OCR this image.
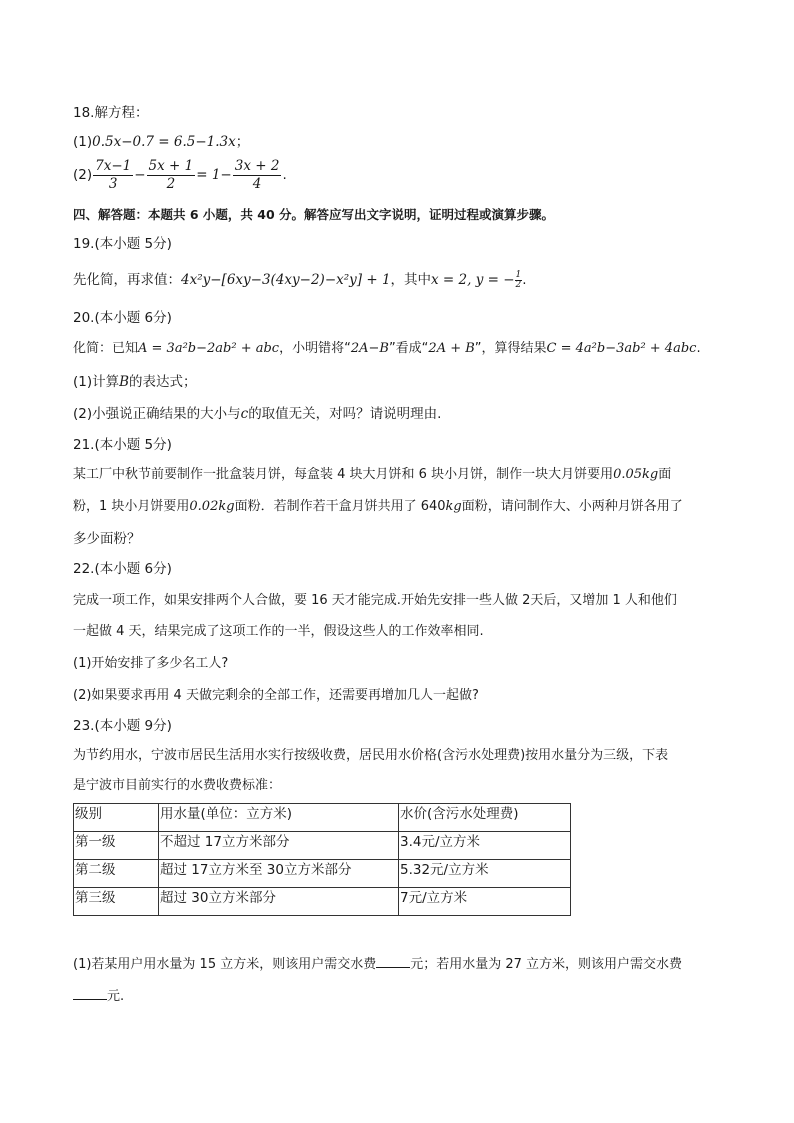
18.解方程：
(1)0.5x−0.7 = 6.5−1.3x；
$(2) \frac{7x-1}{3} - \frac{5x + 1}{2} = 1- \frac{3x + 2}{4}$ .
四、解答题：本题共 6 小题，共 40 分。解答应写出文字说明，证明过程或演算步骤。
19.(本小题 5分)
先化简，再求值：4x²y−[6xy−3(4xy−2)−x²y] + 1，其中x = 2, y = − $\frac{1}{2}$ .
20.(本小题 6分)
化简：已知A = 3a²b−2ab² + abc，小明错将“2A−B”看成“2A + B”，算得结果C = 4a²b−3ab² + 4abc.
(1)计算B的表达式；
(2)小强说正确结果的大小与c的取值无关，对吗？请说明理由.
21.(本小题 5分)
某工厂中秋节前要制作一批盒装月饼，每盒装 4 块大月饼和 6 块小月饼，制作一块大月饼要用0.05kg面
粉，1 块小月饼要用0.02kg面粉．若制作若干盒月饼共用了 640kg面粉，请问制作大、小两种月饼各用了
多少面粉？
22.(本小题 6分)
完成一项工作，如果安排两个人合做，要 16 天才能完成.开始先安排一些人做 2天后，又增加 1 人和他们
一起做 4 天，结果完成了这项工作的一半，假设这些人的工作效率相同.
(1)开始安排了多少名工人?
(2)如果要求再用 4 天做完剩余的全部工作，还需要再增加几人一起做?
23.(本小题 9分)
为节约用水，宁波市居民生活用水实行按级收费，居民用水价格(含污水处理费)按用水量分为三级，下表
是宁波市目前实行的水费收费标准：
级别	用水量(单位：立方米)	水价(含污水处理费)
第一级	不超过 17立方米部分	3.4元/立方米
第二级	超过 17立方米至 30立方米部分	5.32元/立方米
第三级	超过 30立方米部分	7元/立方米
(1)若某用户用水量为 15 立方米，则该用户需交水费	元；若用水量为 27 立方米，则该用户需交水费
元.
